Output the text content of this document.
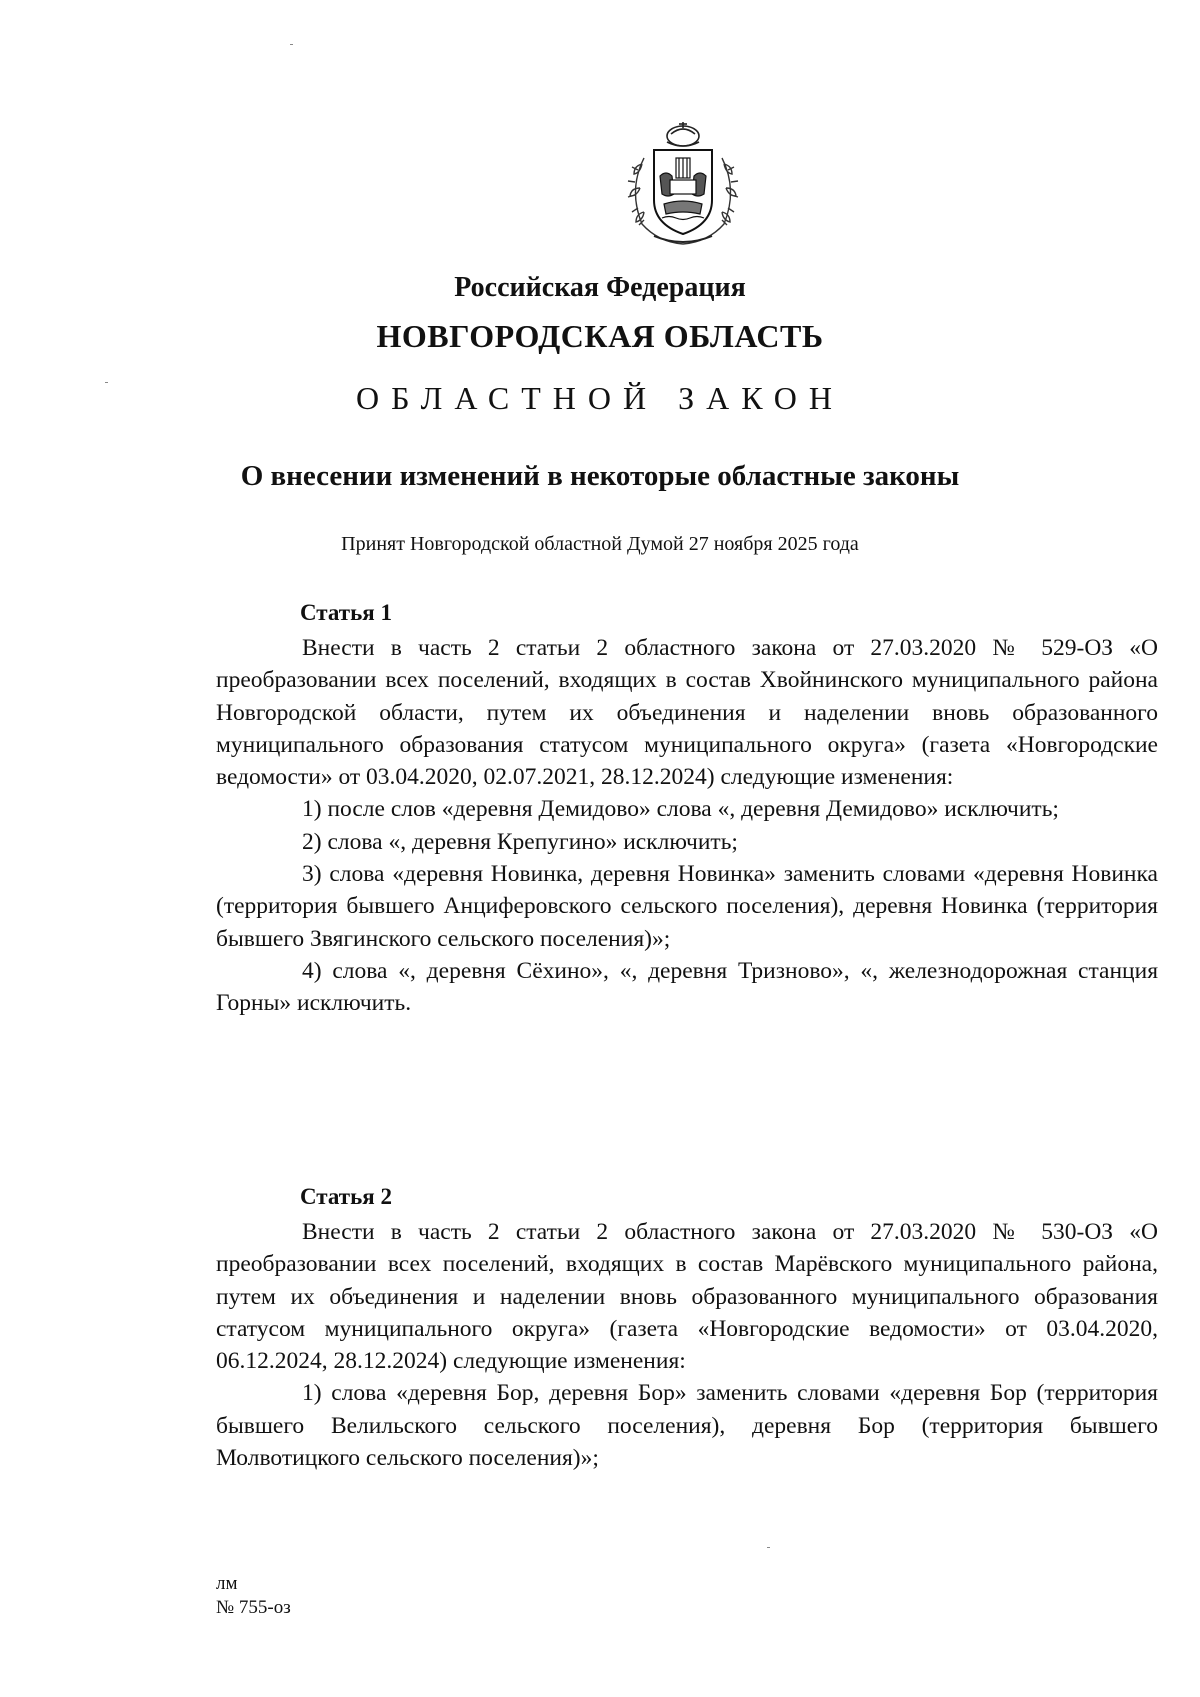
Российская Федерация
НОВГОРОДСКАЯ ОБЛАСТЬ
ОБЛАСТНОЙ ЗАКОН
О внесении изменений в некоторые областные законы
Принят Новгородской областной Думой 27 ноября 2025 года
Статья 1

Внести в часть 2 статьи 2 областного закона от 27.03.2020 № 529-ОЗ «О преобразовании всех поселений, входящих в состав Хвойнинского муниципального района Новгородской области, путем их объединения и наделении вновь образованного муниципального образования статусом муниципального округа» (газета «Новгородские ведомости» от 03.04.2020, 02.07.2021, 28.12.2024) следующие изменения:

1) после слов «деревня Демидово» слова «, деревня Демидово» исключить;

2) слова «, деревня Крепугино» исключить;

3) слова «деревня Новинка, деревня Новинка» заменить словами «деревня Новинка (территория бывшего Анциферовского сельского поселения), деревня Новинка (территория бывшего Звягинского сельского поселения)»;

4) слова «, деревня Сёхино», «, деревня Тризново», «, железнодорожная станция Горны» исключить.

Статья 2

Внести в часть 2 статьи 2 областного закона от 27.03.2020 № 530-ОЗ «О преобразовании всех поселений, входящих в состав Марёвского муниципального района, путем их объединения и наделении вновь образованного муниципального образования статусом муниципального округа» (газета «Новгородские ведомости» от 03.04.2020, 06.12.2024, 28.12.2024) следующие изменения:

1) слова «деревня Бор, деревня Бор» заменить словами «деревня Бор (территория бывшего Велильского сельского поселения), деревня Бор (территория бывшего Молвотицкого сельского поселения)»;

лм
№ 755-оз
